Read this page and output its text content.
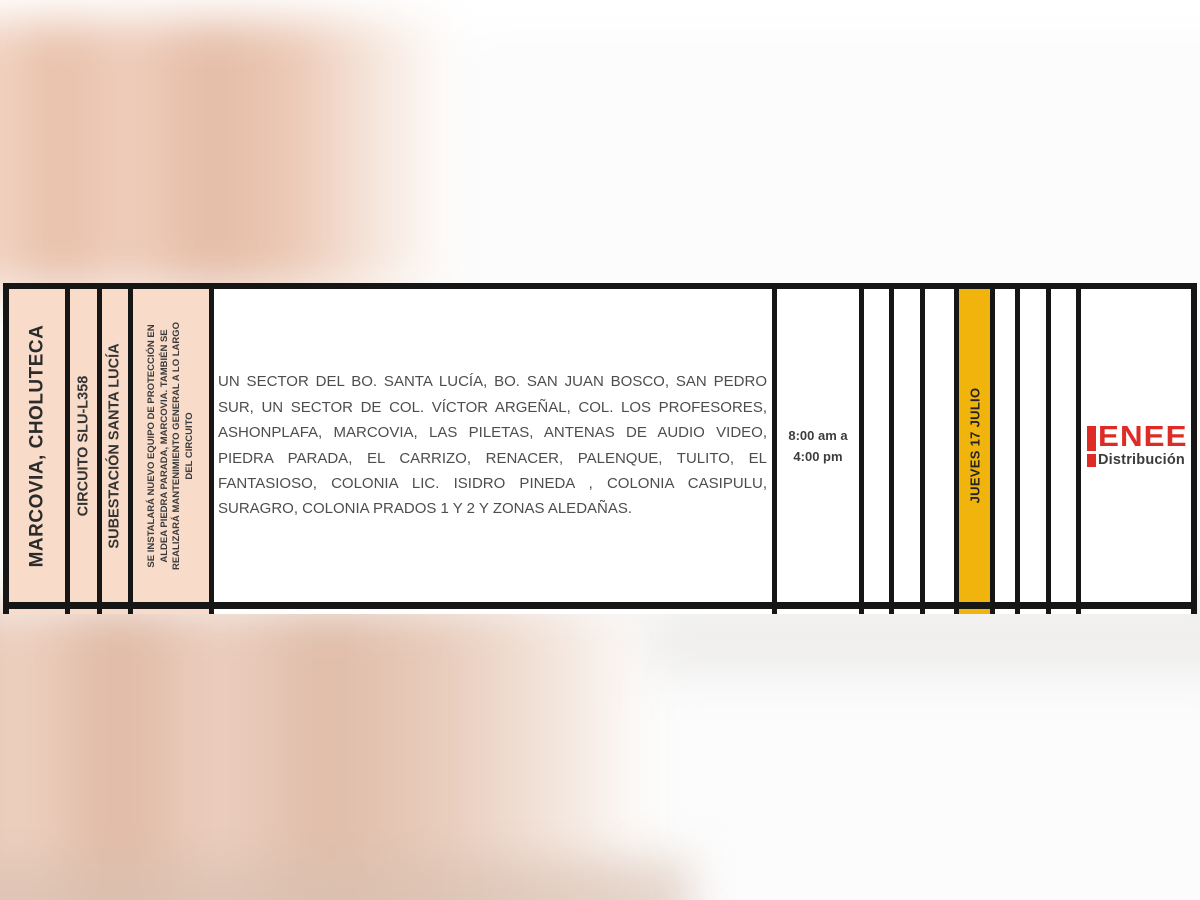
MARCOVIA, CHOLUTECA CIRCUITO SLU-L358 SUBESTACIÓN SANTA LUCÍA SE INSTALARÁ NUEVO EQUIPO DE PROTECCIÓN EN ALDEA PIEDRA PARADA, MARCOVIA. TAMBIÉN SE REALIZARÁ MANTENIMIENTO GENERAL A LO LARGO DEL CIRCUITO
UN SECTOR DEL BO. SANTA LUCÍA, BO. SAN JUAN BOSCO, SAN PEDRO SUR, UN SECTOR DE COL. VÍCTOR ARGEÑAL, COL. LOS PROFESORES, ASHONPLAFA, MARCOVIA, LAS PILETAS, ANTENAS DE AUDIO VIDEO, PIEDRA PARADA, EL CARRIZO, RENACER, PALENQUE, TULITO, EL FANTASIOSO, COLONIA LIC. ISIDRO PINEDA , COLONIA CASIPULU, SURAGRO, COLONIA PRADOS 1 Y 2 Y ZONAS ALEDAÑAS.
8:00 am a
4:00 pm	JUEVES 17 JULIO	ENEE
Distribución
